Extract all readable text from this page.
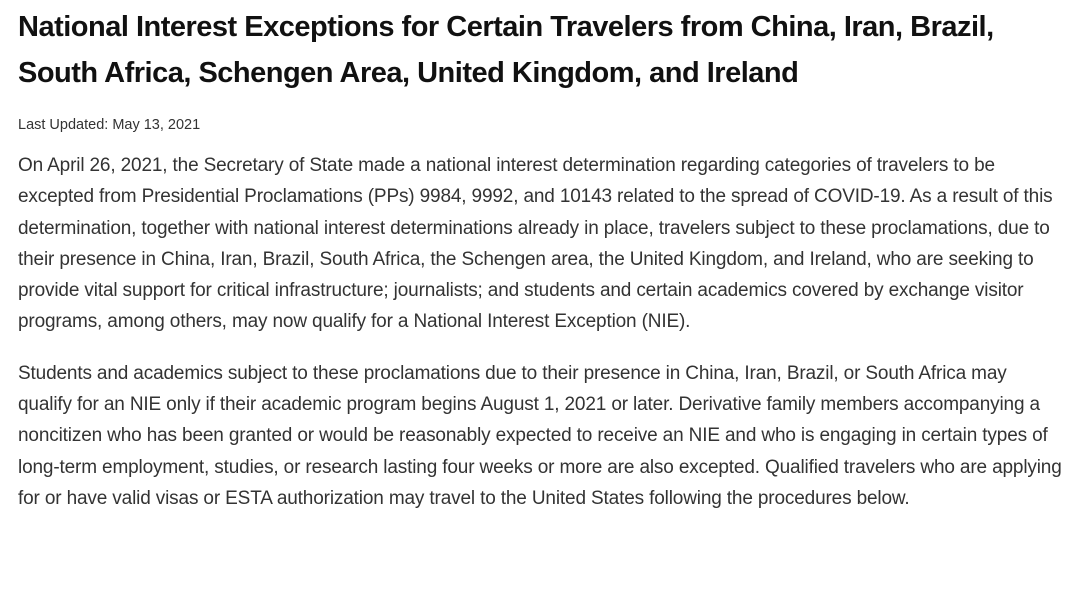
National Interest Exceptions for Certain Travelers from China, Iran, Brazil,
South Africa, Schengen Area, United Kingdom, and Ireland

Last Updated: May 13, 2021

On April 26, 2021, the Secretary of State made a national interest determination regarding categories of travelers to be excepted from Presidential Proclamations (PPs) 9984, 9992, and 10143 related to the spread of COVID-19. As a result of this determination, together with national interest determinations already in place, travelers subject to these proclamations, due to their presence in China, Iran, Brazil, South Africa, the Schengen area, the United Kingdom, and Ireland, who are seeking to provide vital support for critical infrastructure; journalists; and students and certain academics covered by exchange visitor programs, among others, may now qualify for a National Interest Exception (NIE).

Students and academics subject to these proclamations due to their presence in China, Iran, Brazil, or South Africa may qualify for an NIE only if their academic program begins August 1, 2021 or later. Derivative family members accompanying a noncitizen who has been granted or would be reasonably expected to receive an NIE and who is engaging in certain types of long-term employment, studies, or research lasting four weeks or more are also excepted. Qualified travelers who are applying for or have valid visas or ESTA authorization may travel to the United States following the procedures below.
